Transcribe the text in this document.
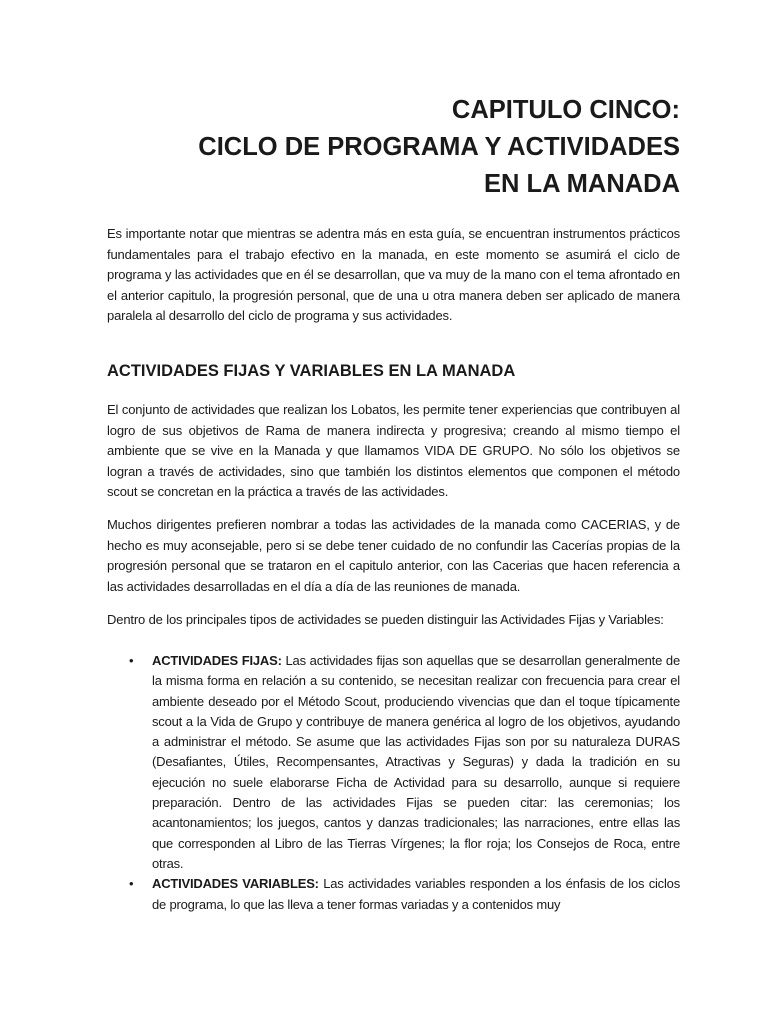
CAPITULO CINCO:
CICLO DE PROGRAMA Y ACTIVIDADES
EN LA MANADA

Es importante notar que mientras se adentra más en esta guía, se encuentran instrumentos prácticos fundamentales para el trabajo efectivo en la manada, en este momento se asumirá el ciclo de programa y las actividades que en él se desarrollan, que va muy de la mano con el tema afrontado en el anterior capitulo, la progresión personal, que de una u otra manera deben ser aplicado de manera paralela al desarrollo del ciclo de programa y sus actividades.

ACTIVIDADES FIJAS Y VARIABLES EN LA MANADA

El conjunto de actividades que realizan los Lobatos, les permite tener experiencias que contribuyen al logro de sus objetivos de Rama de manera indirecta y progresiva; creando al mismo tiempo el ambiente que se vive en la Manada y que llamamos VIDA DE GRUPO. No sólo los objetivos se logran a través de actividades, sino que también los distintos elementos que componen el método scout se concretan en la práctica a través de las actividades.

Muchos dirigentes prefieren nombrar a todas las actividades de la manada como CACERIAS, y de hecho es muy aconsejable, pero si se debe tener cuidado de no confundir las Cacerías propias de la progresión personal que se trataron en el capitulo anterior, con las Cacerias que hacen referencia a las actividades desarrolladas en el día a día de las reuniones de manada.

Dentro de los principales tipos de actividades se pueden distinguir las Actividades Fijas y Variables:

• ACTIVIDADES FIJAS: Las actividades fijas son aquellas que se desarrollan generalmente de la misma forma en relación a su contenido, se necesitan realizar con frecuencia para crear el ambiente deseado por el Método Scout, produciendo vivencias que dan el toque típicamente scout a la Vida de Grupo y contribuye de manera genérica al logro de los objetivos, ayudando a administrar el método. Se asume que las actividades Fijas son por su naturaleza DURAS (Desafiantes, Útiles, Recompensantes, Atractivas y Seguras) y dada la tradición en su ejecución no suele elaborarse Ficha de Actividad para su desarrollo, aunque si requiere preparación. Dentro de las actividades Fijas se pueden citar: las ceremonias; los acantonamientos; los juegos, cantos y danzas tradicionales; las narraciones, entre ellas las que corresponden al Libro de las Tierras Vírgenes; la flor roja; los Consejos de Roca, entre otras.
• ACTIVIDADES VARIABLES: Las actividades variables responden a los énfasis de los ciclos de programa, lo que las lleva a tener formas variadas y a contenidos muy
